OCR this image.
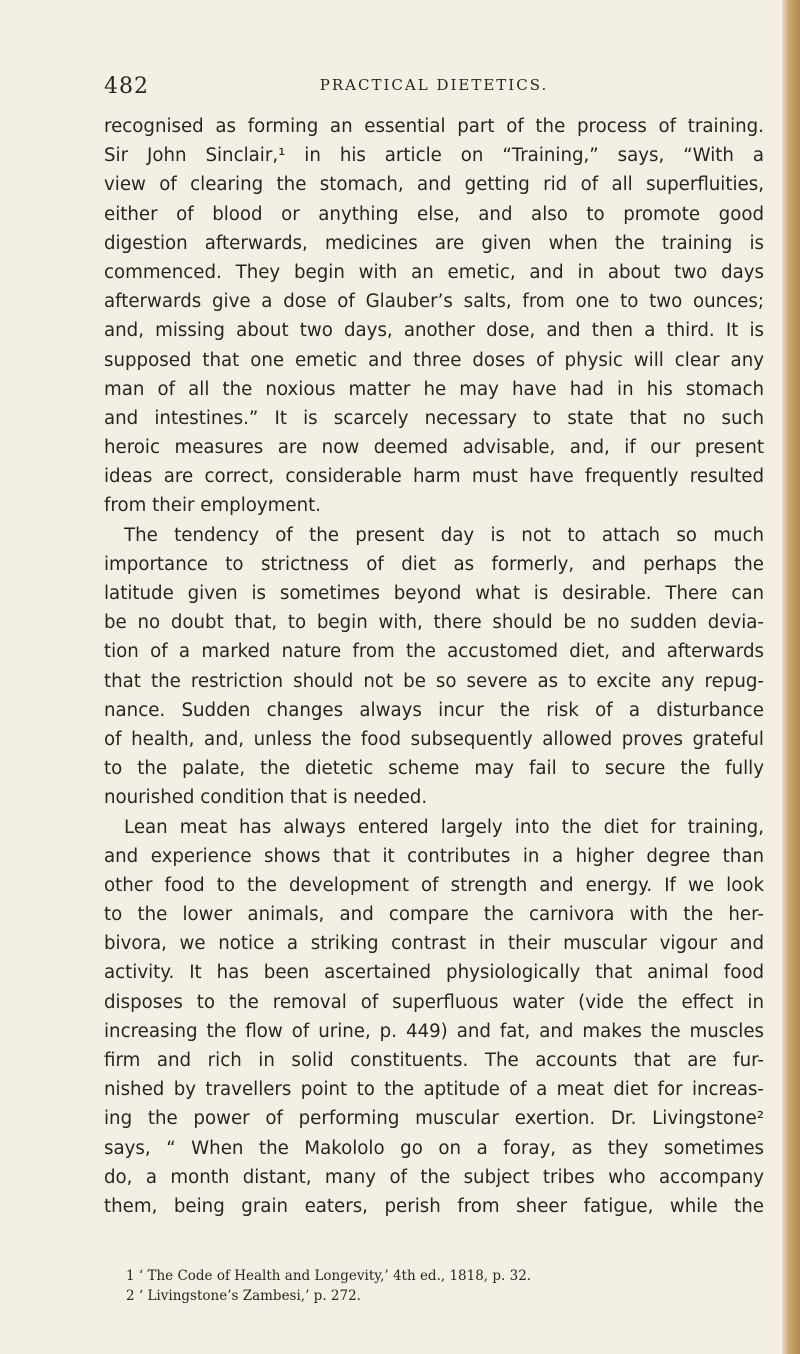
482	PRACTICAL DIETETICS.
recognised as forming an essential part of the process of training.
Sir John Sinclair,¹ in his article on “Training,” says, “With a
view of clearing the stomach, and getting rid of all superfluities,
either of blood or anything else, and also to promote good
digestion afterwards, medicines are given when the training is
commenced. They begin with an emetic, and in about two days
afterwards give a dose of Glauber’s salts, from one to two ounces;
and, missing about two days, another dose, and then a third. It is
supposed that one emetic and three doses of physic will clear any
man of all the noxious matter he may have had in his stomach
and intestines.” It is scarcely necessary to state that no such
heroic measures are now deemed advisable, and, if our present
ideas are correct, considerable harm must have frequently resulted
from their employment.
The tendency of the present day is not to attach so much
importance to strictness of diet as formerly, and perhaps the
latitude given is sometimes beyond what is desirable. There can
be no doubt that, to begin with, there should be no sudden devia-
tion of a marked nature from the accustomed diet, and afterwards
that the restriction should not be so severe as to excite any repug-
nance. Sudden changes always incur the risk of a disturbance
of health, and, unless the food subsequently allowed proves grateful
to the palate, the dietetic scheme may fail to secure the fully
nourished condition that is needed.
Lean meat has always entered largely into the diet for training,
and experience shows that it contributes in a higher degree than
other food to the development of strength and energy. If we look
to the lower animals, and compare the carnivora with the her-
bivora, we notice a striking contrast in their muscular vigour and
activity. It has been ascertained physiologically that animal food
disposes to the removal of superfluous water (vide the effect in
increasing the flow of urine, p. 449) and fat, and makes the muscles
firm and rich in solid constituents. The accounts that are fur-
nished by travellers point to the aptitude of a meat diet for increas-
ing the power of performing muscular exertion. Dr. Livingstone²
says, “ When the Makololo go on a foray, as they sometimes
do, a month distant, many of the subject tribes who accompany
them, being grain eaters, perish from sheer fatigue, while the
1 ‘ The Code of Health and Longevity,’ 4th ed., 1818, p. 32.
2 ‘ Livingstone’s Zambesi,’ p. 272.
